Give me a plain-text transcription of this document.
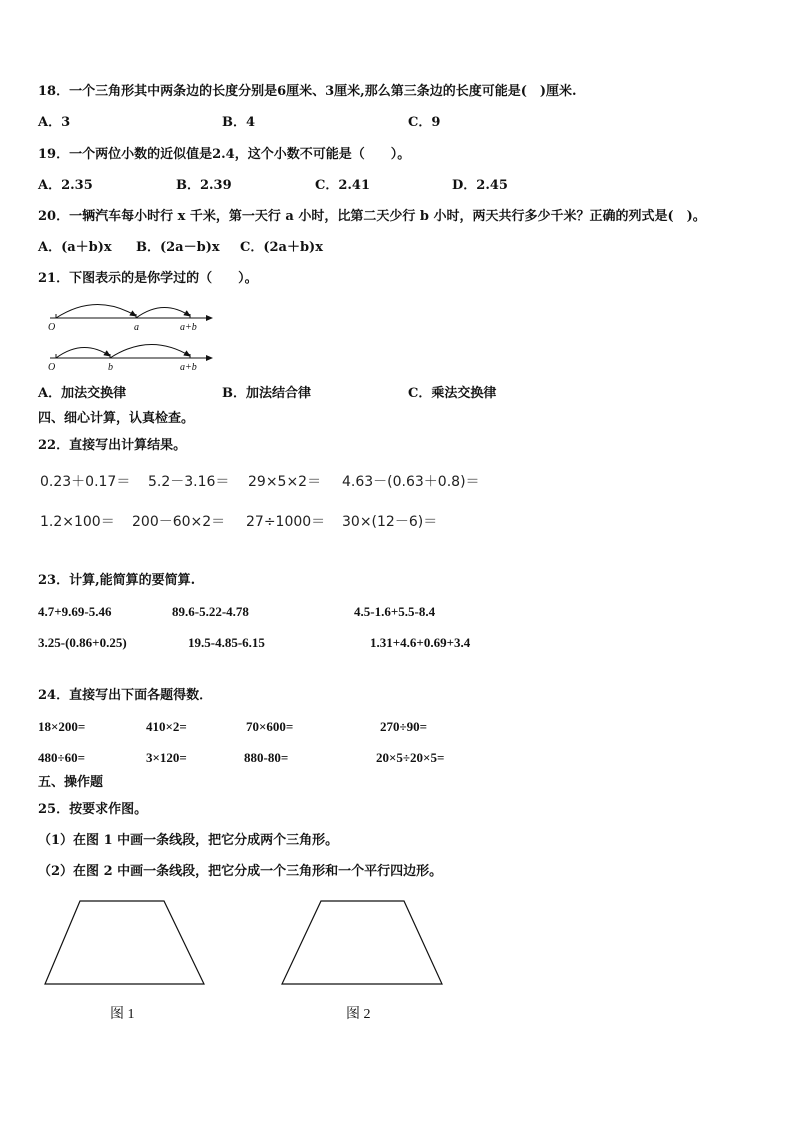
18．一个三角形其中两条边的长度分别是6厘米、3厘米,那么第三条边的长度可能是(　)厘米.
A．3	B．4	C．9
19．一个两位小数的近似值是2.4，这个小数不可能是（　　）。
A．2.35	B．2.39	C．2.41	D．2.45
20．一辆汽车每小时行 x 千米，第一天行 a 小时，比第二天少行 b 小时，两天共行多少千米？正确的列式是(　)。
A．(a＋b)x B．(2a－b)x C．(2a＋b)x
21．下图表示的是你学过的（　　）。
O	a	a+b
O	b	a+b
A．加法交换律	B．加法结合律	C．乘法交换律
四、细心计算，认真检查。
22．直接写出计算结果。
0.23＋0.17＝ 5.2－3.16＝ 29×5×2＝ 4.63－(0.63＋0.8)＝
1.2×100＝ 200－60×2＝ 27÷1000＝ 30×(12－6)＝
23．计算,能简算的要简算.
4.7+9.69-5.46	89.6-5.22-4.78	4.5-1.6+5.5-8.4
3.25-(0.86+0.25)	19.5-4.85-6.15	1.31+4.6+0.69+3.4
24．直接写出下面各题得数．
18×200=	410×2=	70×600=	270÷90=
480÷60=	3×120=	880-80=	20×5÷20×5=
五、操作题
25．按要求作图。
（1）在图 1 中画一条线段，把它分成两个三角形。
（2）在图 2 中画一条线段，把它分成一个三角形和一个平行四边形。
图 1	图 2
